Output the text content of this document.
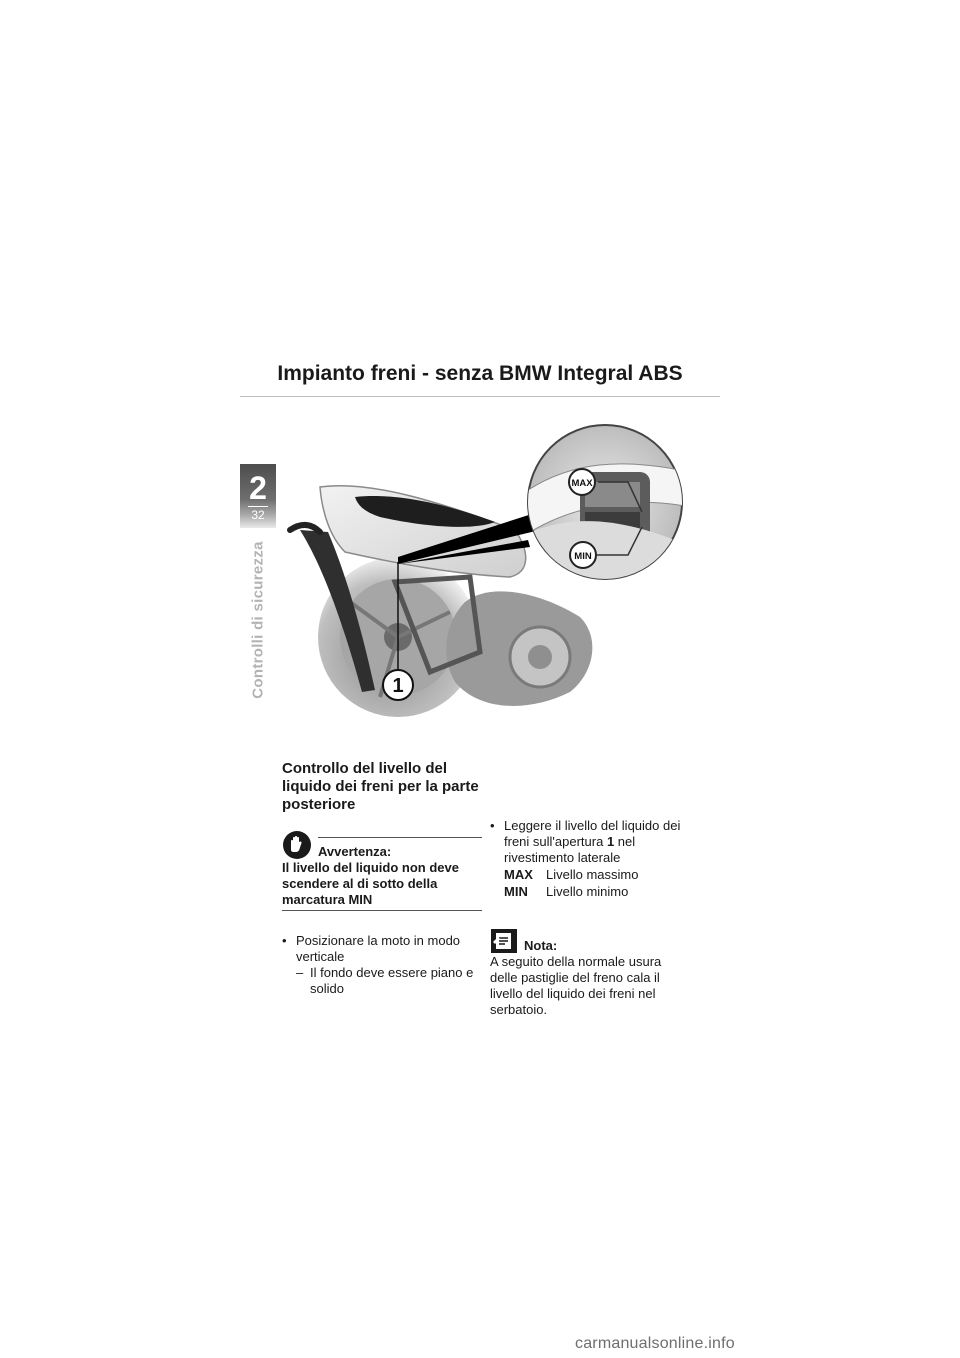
Impianto freni - senza BMW Integral ABS
2
32
Controlli di sicurezza
MAX
MIN
1
Controllo del livello del liquido dei freni per la parte posteriore
Avvertenza:
Il livello del liquido non deve scendere al di sotto della marcatura MIN
• Posizionare la moto in modo verticale
– Il fondo deve essere piano e solido
• Leggere il livello del liquido dei freni sull'apertura 1 nel rivestimento laterale
MAX	Livello massimo
MIN	Livello minimo
Nota:
A seguito della normale usura delle pastiglie del freno cala il livello del liquido dei freni nel serbatoio.
carmanualsonline.info
